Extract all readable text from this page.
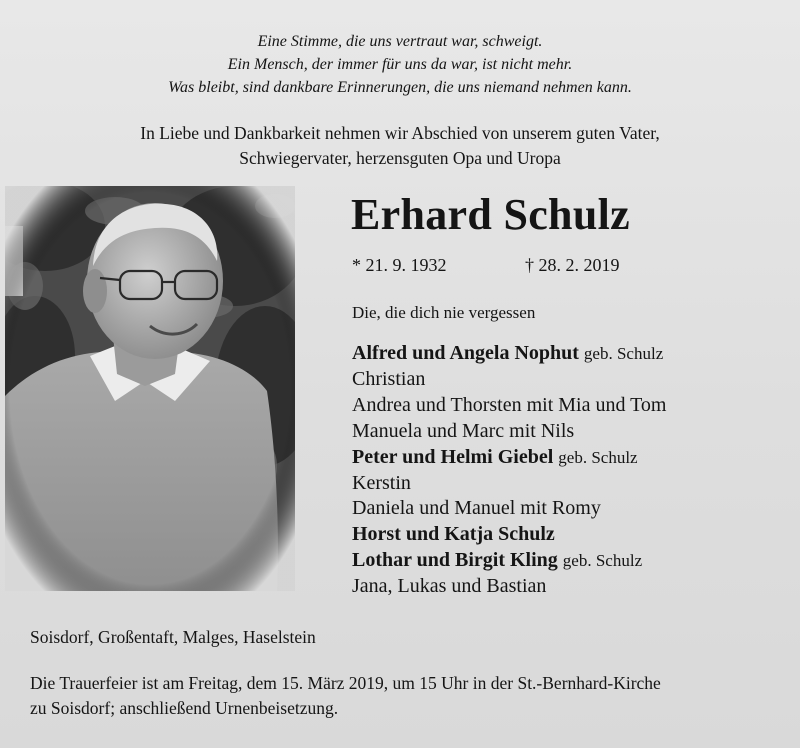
Eine Stimme, die uns vertraut war, schweigt.
Ein Mensch, der immer für uns da war, ist nicht mehr.
Was bleibt, sind dankbare Erinnerungen, die uns niemand nehmen kann.
In Liebe und Dankbarkeit nehmen wir Abschied von unserem guten Vater,
Schwiegervater, herzensguten Opa und Uropa
Erhard Schulz
* 21. 9. 1932	† 28. 2. 2019
Die, die dich nie vergessen
Alfred und Angela Nophut geb. Schulz
Christian
Andrea und Thorsten mit Mia und Tom
Manuela und Marc mit Nils
Peter und Helmi Giebel geb. Schulz
Kerstin
Daniela und Manuel mit Romy
Horst und Katja Schulz
Lothar und Birgit Kling geb. Schulz
Jana, Lukas und Bastian
Soisdorf, Großentaft, Malges, Haselstein
Die Trauerfeier ist am Freitag, dem 15. März 2019, um 15 Uhr in der St.-Bernhard-Kirche
zu Soisdorf; anschließend Urnenbeisetzung.
